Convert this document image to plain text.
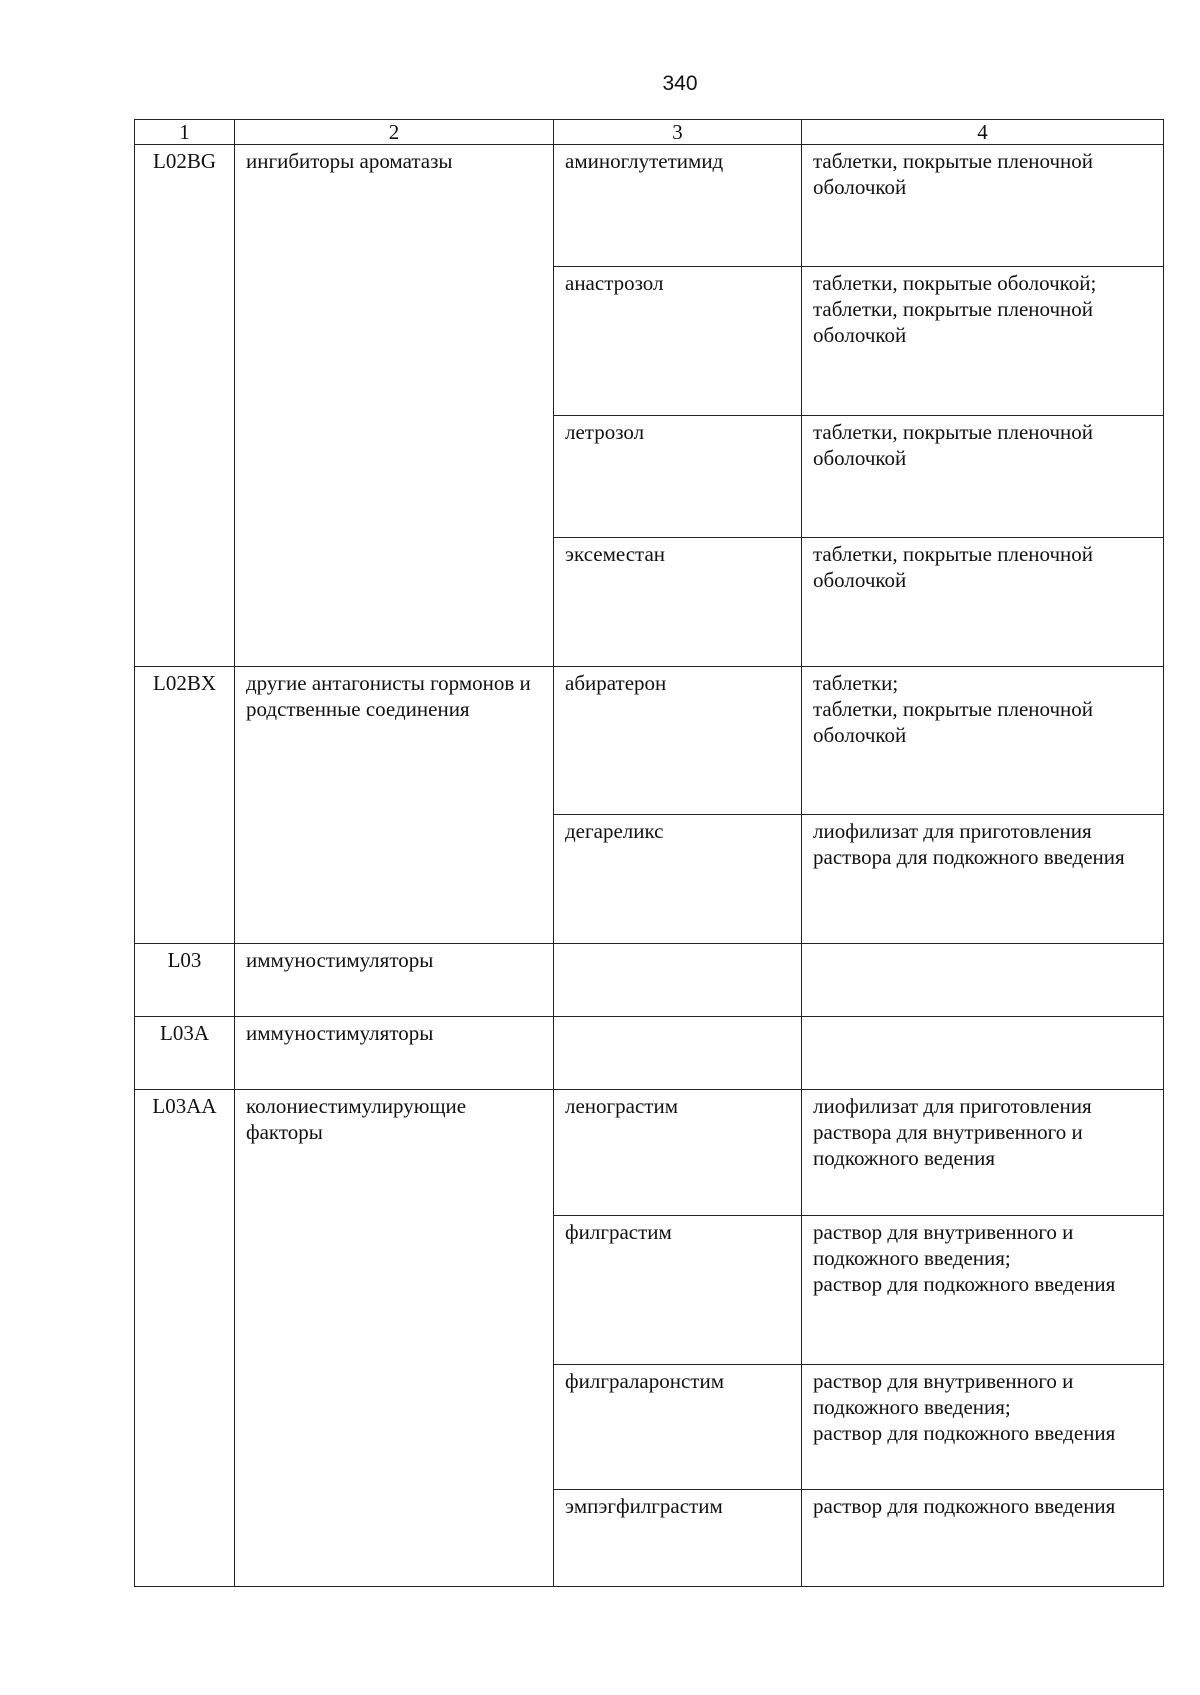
340
1	2	3	4
L02BG	ингибиторы ароматазы	аминоглутетимид	таблетки, покрытые пленочной оболочкой

		анастрозол	таблетки, покрытые оболочкой;
таблетки, покрытые пленочной оболочкой

		летрозол	таблетки, покрытые пленочной оболочкой

		эксеместан	таблетки, покрытые пленочной оболочкой

L02BX	другие антагонисты гормонов и родственные соединения	абиратерон	таблетки;
таблетки, покрытые пленочной оболочкой

		дегареликс	лиофилизат для приготовления раствора для подкожного введения

L03	иммуностимуляторы		
L03A	иммуностимуляторы		
L03AA	колониестимулирующие факторы	ленограстим	лиофилизат для приготовления раствора для внутривенного и подкожного ведения

		филграстим	раствор для внутривенного и подкожного введения;
раствор для подкожного введения

		филграларонстим	раствор для внутривенного и подкожного введения;
раствор для подкожного введения

		эмпэгфилграстим	раствор для подкожного введения
